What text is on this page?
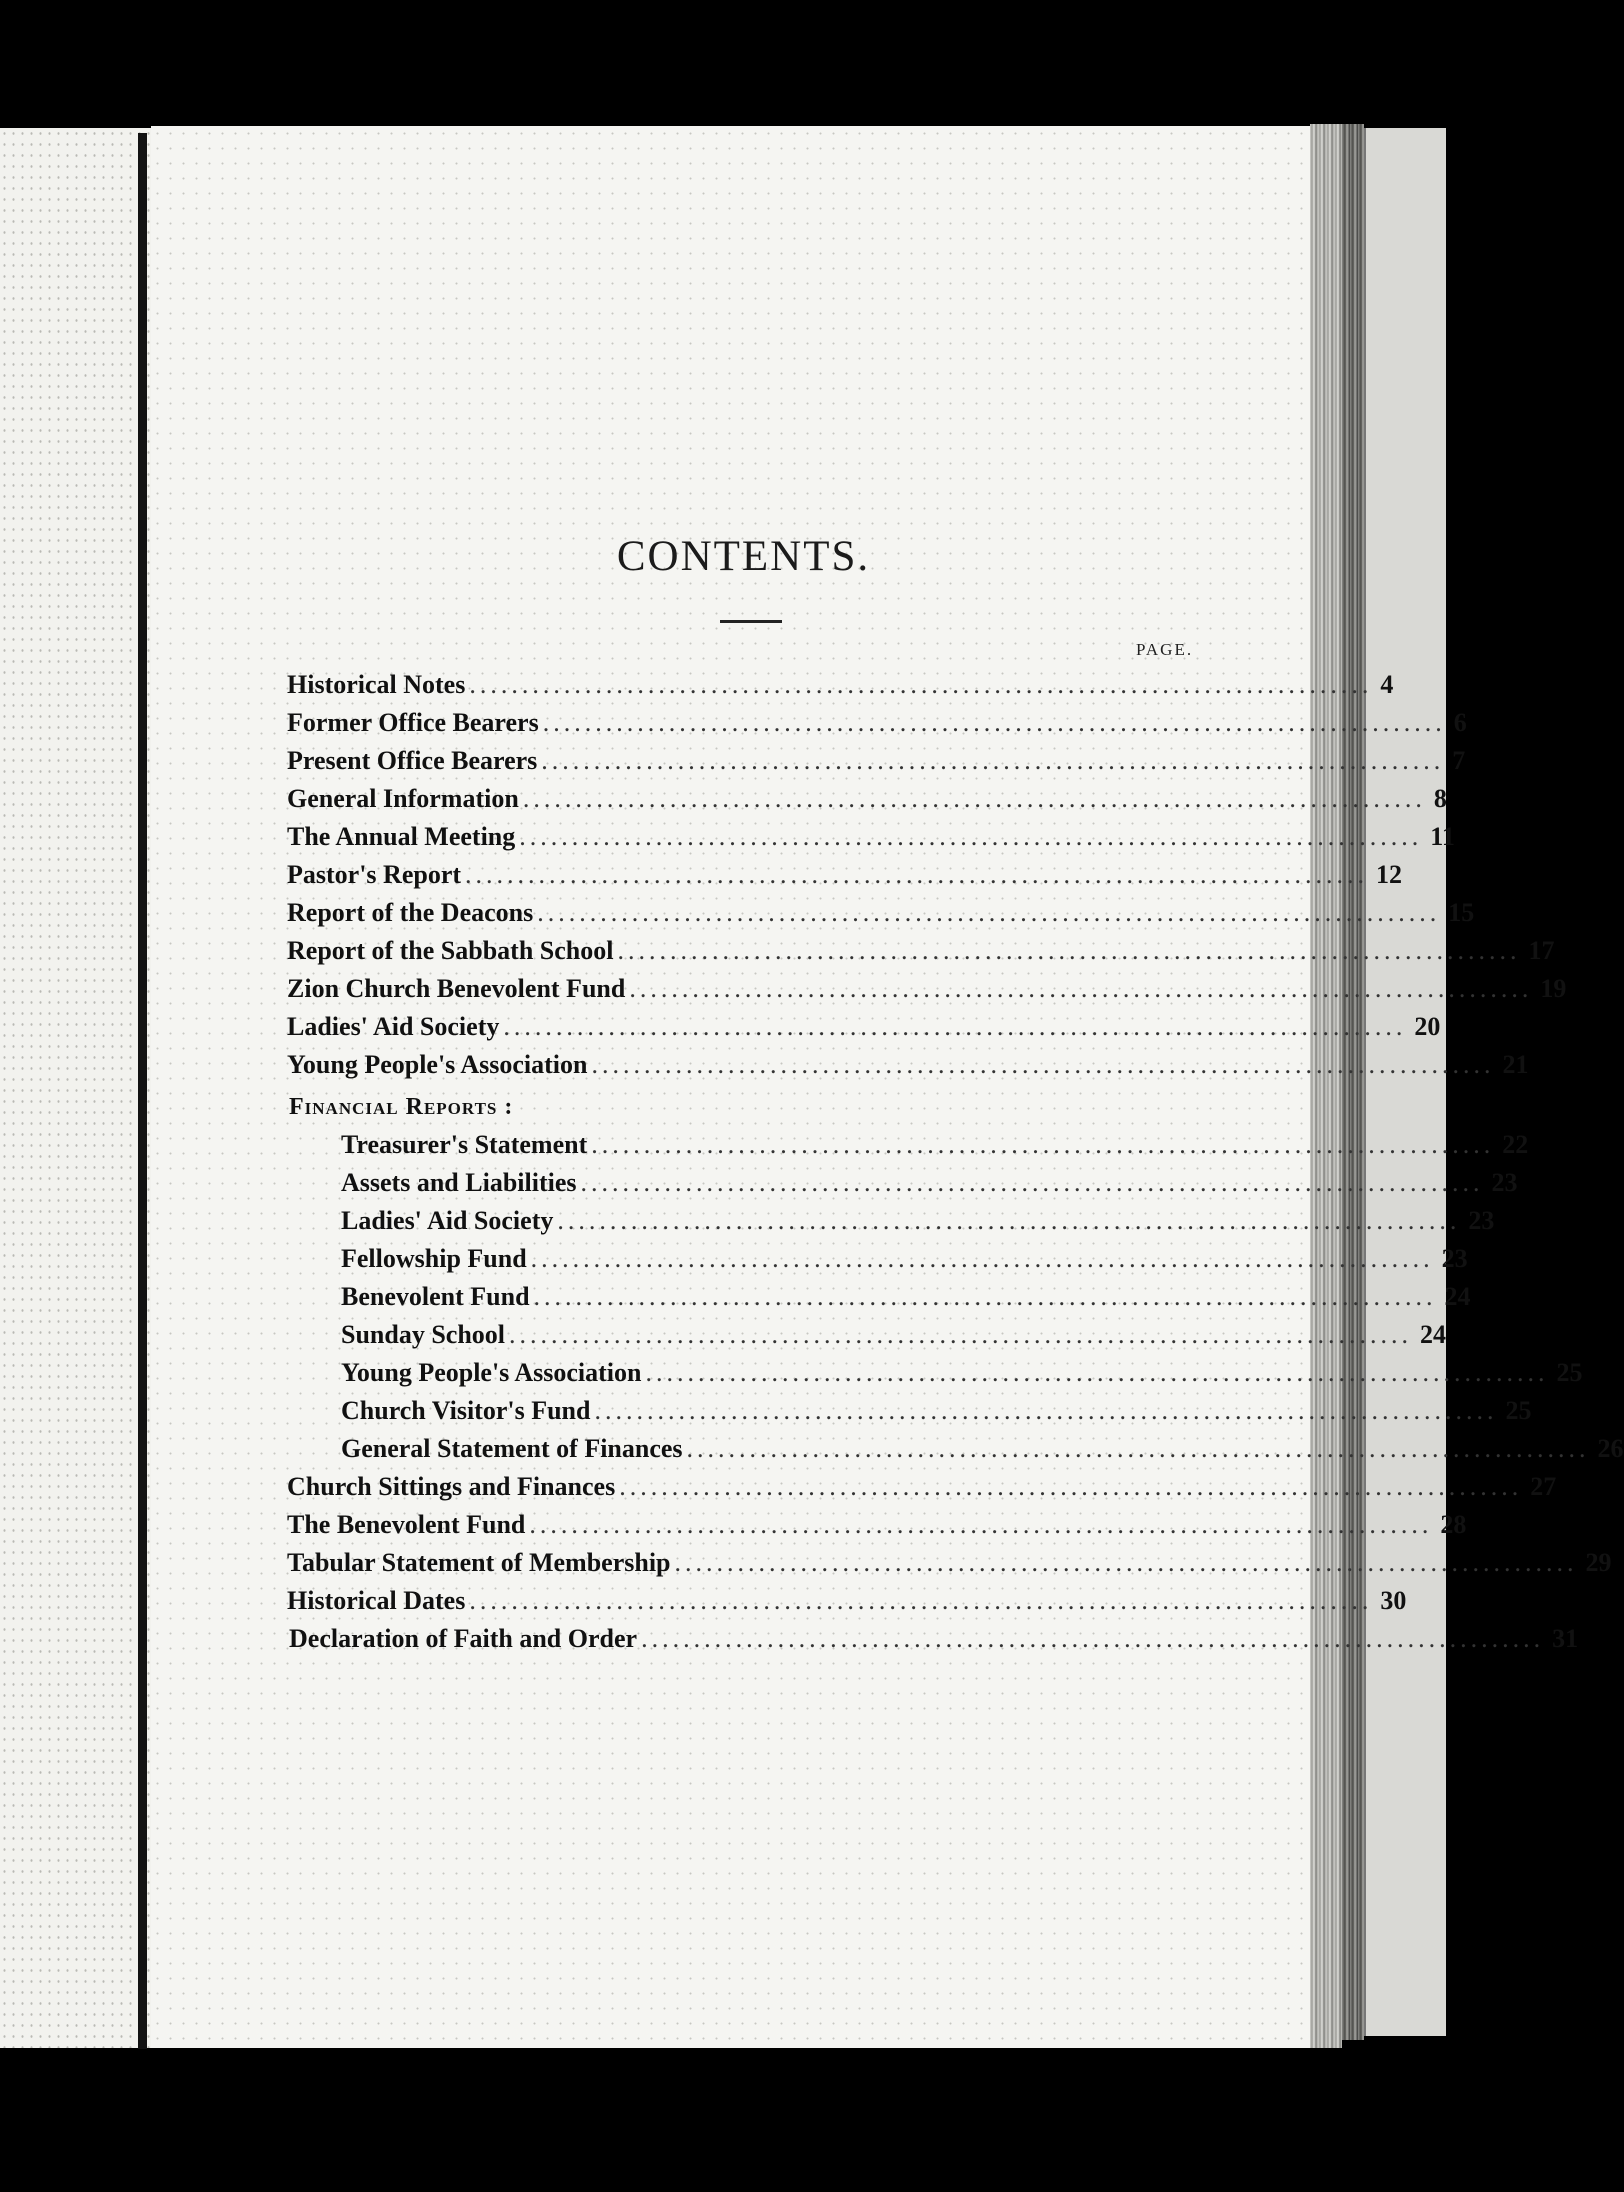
CONTENTS.
PAGE.
Historical Notes ...................................................................................... 4
Former Office Bearers ...................................................................................... 6
Present Office Bearers ...................................................................................... 7
General Information ...................................................................................... 8
The Annual Meeting ...................................................................................... 11
Pastor's Report ...................................................................................... 12
Report of the Deacons ...................................................................................... 15
Report of the Sabbath School ...................................................................................... 17
Zion Church Benevolent Fund ...................................................................................... 19
Ladies' Aid Society ...................................................................................... 20
Young People's Association ...................................................................................... 21
Financial Reports :
Treasurer's Statement ...................................................................................... 22
Assets and Liabilities ...................................................................................... 23
Ladies' Aid Society ...................................................................................... 23
Fellowship Fund ...................................................................................... 23
Benevolent Fund ...................................................................................... 24
Sunday School ...................................................................................... 24
Young People's Association ...................................................................................... 25
Church Visitor's Fund ...................................................................................... 25
General Statement of Finances ...................................................................................... 26
Church Sittings and Finances ...................................................................................... 27
The Benevolent Fund ...................................................................................... 28
Tabular Statement of Membership ...................................................................................... 29
Historical Dates ...................................................................................... 30
Declaration of Faith and Order ...................................................................................... 31
